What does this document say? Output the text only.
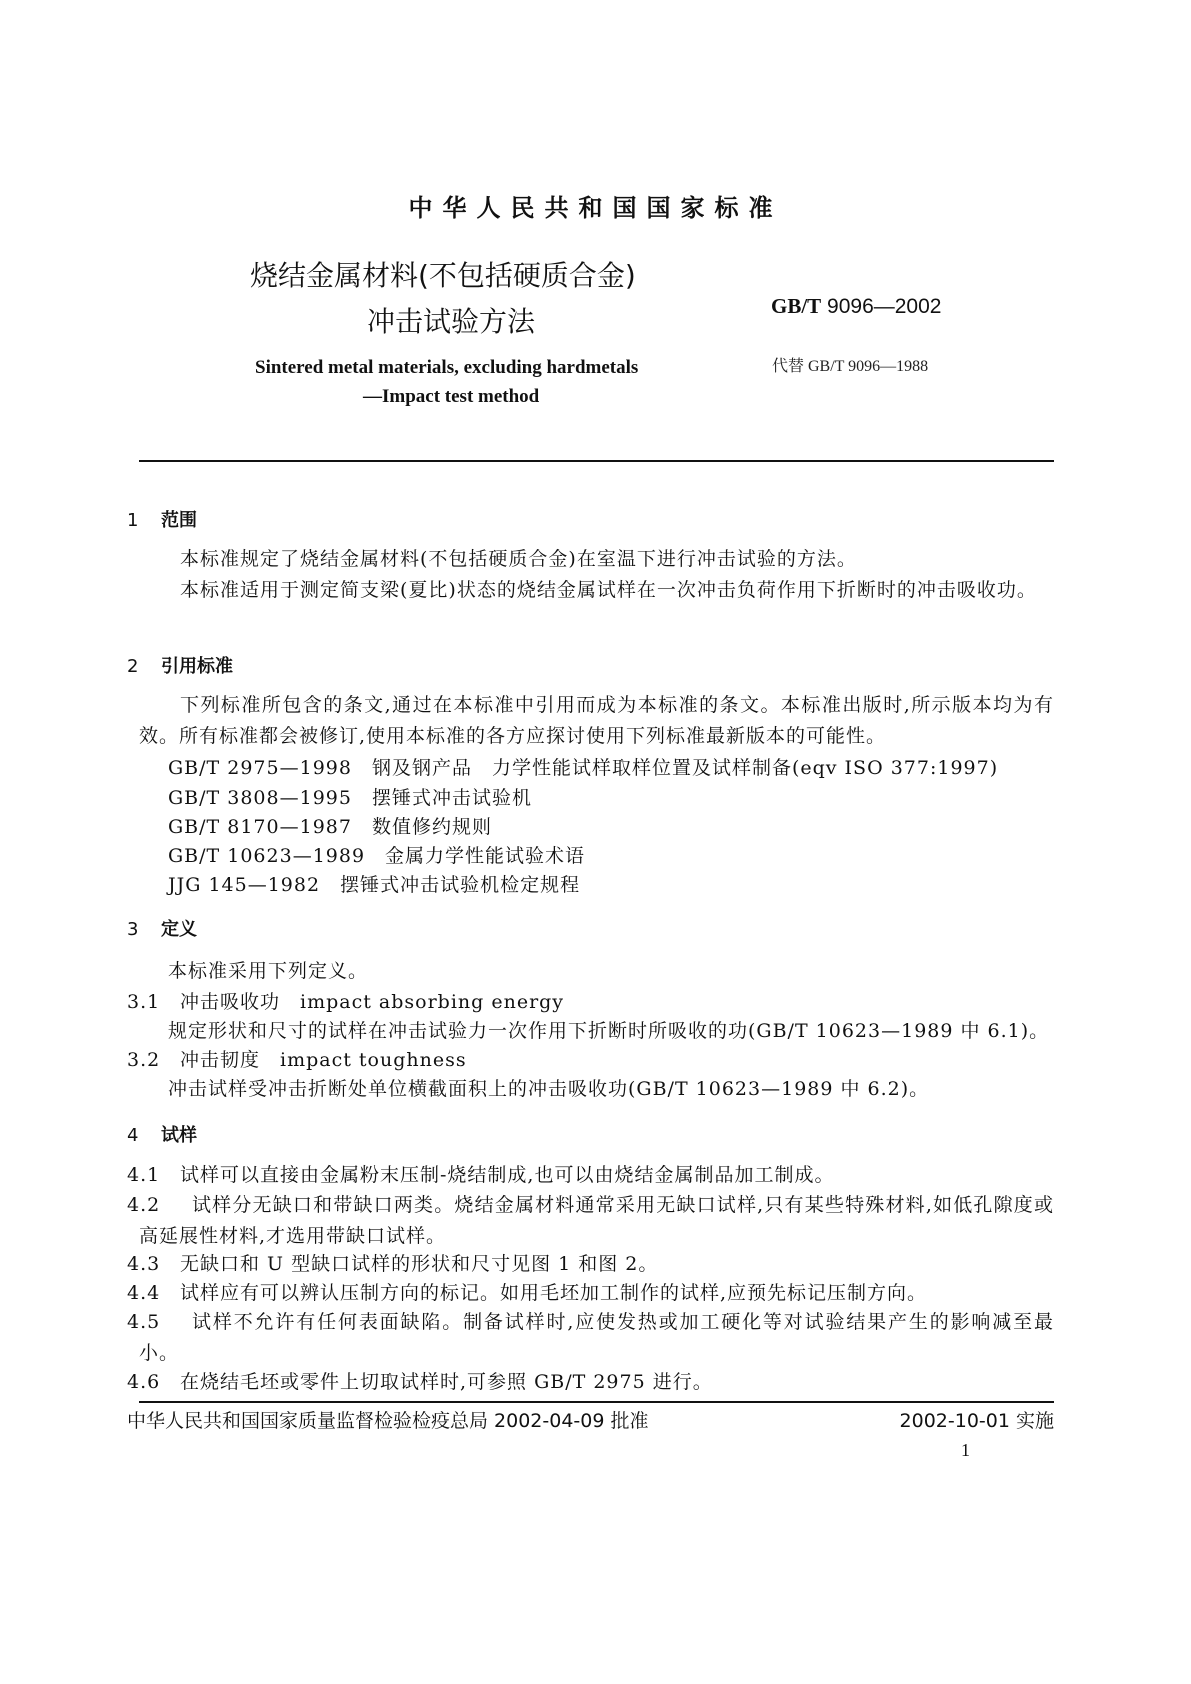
中华人民共和国国家标准
烧结金属材料(不包括硬质合金)
冲击试验方法	GB/T 9096—2002
Sintered metal materials, excluding hardmetals
—Impact test method
代替 GB/T 9096—1988
1 范围
本标准规定了烧结金属材料(不包括硬质合金)在室温下进行冲击试验的方法。
本标准适用于测定简支梁(夏比)状态的烧结金属试样在一次冲击负荷作用下折断时的冲击吸收功。
2 引用标准
下列标准所包含的条文,通过在本标准中引用而成为本标准的条文。本标准出版时,所示版本均为有效。所有标准都会被修订,使用本标准的各方应探讨使用下列标准最新版本的可能性。
GB/T 2975—1998　钢及钢产品　力学性能试样取样位置及试样制备(eqv ISO 377:1997)
GB/T 3808—1995　摆锤式冲击试验机
GB/T 8170—1987　数值修约规则
GB/T 10623—1989　金属力学性能试验术语
JJG 145—1982　摆锤式冲击试验机检定规程
3 定义
本标准采用下列定义。
3.1 冲击吸收功　impact absorbing energy
规定形状和尺寸的试样在冲击试验力一次作用下折断时所吸收的功(GB/T 10623—1989 中 6.1)。
3.2 冲击韧度　impact toughness
冲击试样受冲击折断处单位横截面积上的冲击吸收功(GB/T 10623—1989 中 6.2)。
4 试样
4.1 试样可以直接由金属粉末压制-烧结制成,也可以由烧结金属制品加工制成。
4.2	试样分无缺口和带缺口两类。烧结金属材料通常采用无缺口试样,只有某些特殊材料,如低孔隙度或高延展性材料,才选用带缺口试样。
4.3 无缺口和 U 型缺口试样的形状和尺寸见图 1 和图 2。
4.4 试样应有可以辨认压制方向的标记。如用毛坯加工制作的试样,应预先标记压制方向。
4.5	试样不允许有任何表面缺陷。制备试样时,应使发热或加工硬化等对试验结果产生的影响减至最小。
4.6 在烧结毛坯或零件上切取试样时,可参照 GB/T 2975 进行。
中华人民共和国国家质量监督检验检疫总局 2002-04-09 批准	2002-10-01 实施
1
